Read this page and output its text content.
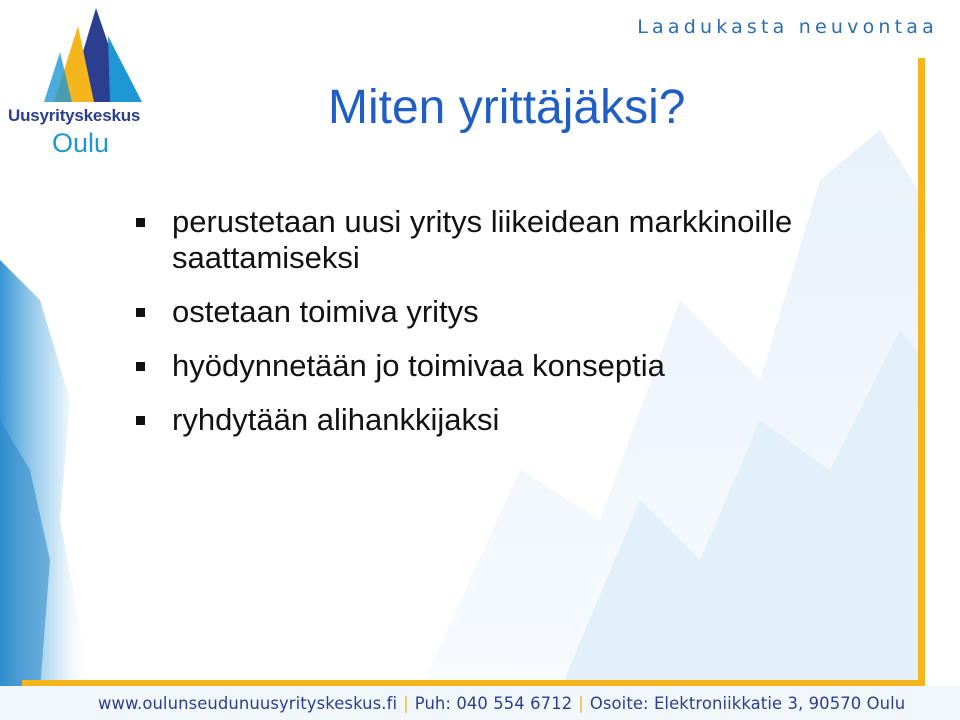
Uusyrityskeskus
Oulu
Laadukasta neuvontaa
Miten yrittäjäksi?
perustetaan uusi yritys liikeidean markkinoille saattamiseksi
ostetaan toimiva yritys
hyödynnetään jo toimivaa konseptia
ryhdytään alihankkijaksi
www.oulunseudunuusyrityskeskus.fi | Puh: 040 554 6712 | Osoite: Elektroniikkatie 3, 90570 Oulu
